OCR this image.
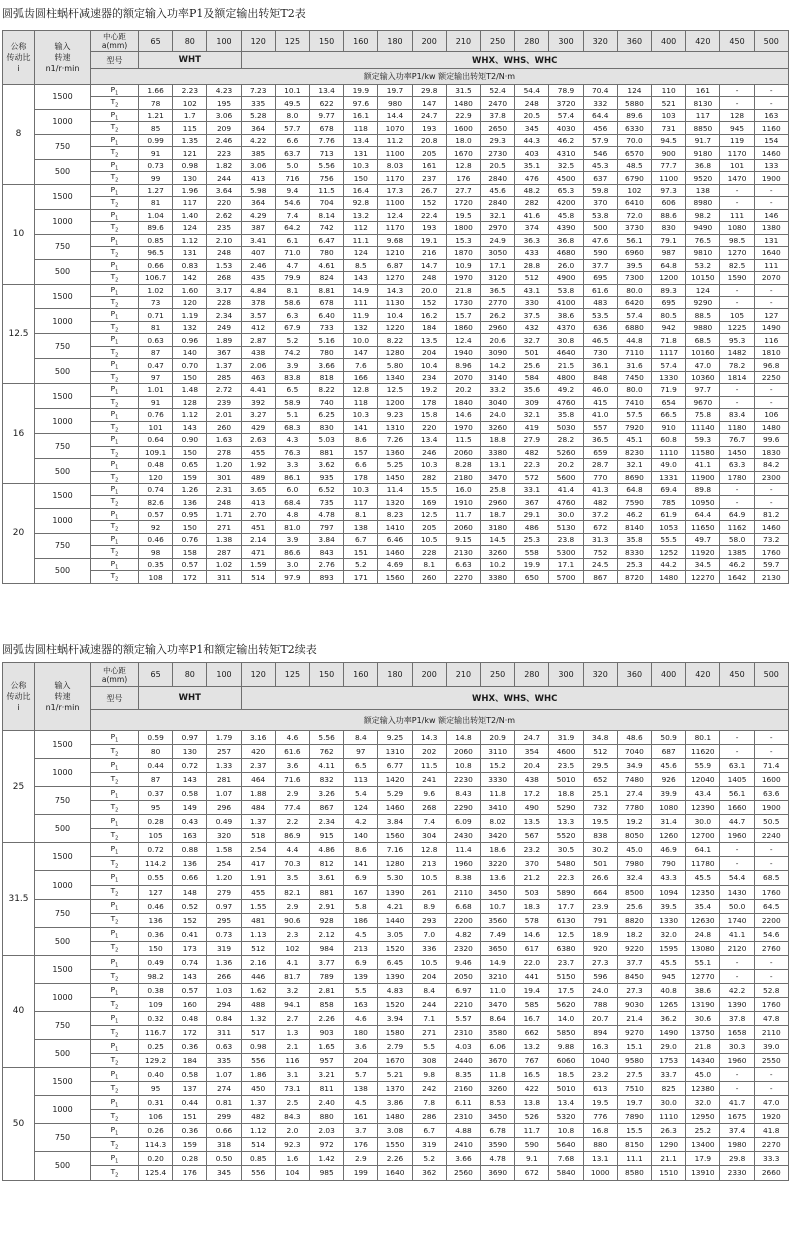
圆弧齿圆柱蜗杆减速器的额定输入功率P1及额定输出转矩T2表
公称
传动比
i	输入
转速
n1/r·min	中心距
a(mm)	65	80	100	120	125	150	160	180	200	210	250	280	300	320	360	400	420	450	500
		型号	WHT			WHX、WHS、WHC															
		额定输入功率P1/kw 额定输出转矩T2/N·m																			
8	1500	$P_1$	1.66	2.23	4.23	7.23	10.1	13.4	19.9	19.7	29.8	31.5	52.4	54.4	78.9	70.4	124	110	161	-	-
		$T_2$	78	102	195	335	49.5	622	97.6	980	147	1480	2470	248	3720	332	5880	521	8130	-	-
	1000	$P_1$	1.21	1.7	3.06	5.28	8.0	9.77	16.1	14.4	24.7	22.9	37.8	20.5	57.4	64.4	89.6	103	117	128	163
		$T_2$	85	115	209	364	57.7	678	118	1070	193	1600	2650	345	4030	456	6330	731	8850	945	1160
	750	$P_1$	0.99	1.35	2.46	4.22	6.6	7.76	13.4	11.2	20.8	18.0	29.3	44.3	46.2	57.9	70.0	94.5	91.7	119	154
		$T_2$	91	121	223	385	63.7	713	131	1100	205	1670	2730	403	4310	546	6570	900	9180	1170	1460
	500	$P_1$	0.73	0.98	1.82	3.06	5.0	5.56	10.3	8.03	161	12.8	20.5	35.1	32.5	45.3	48.5	77.7	36.8	101	133
		$T_2$	99	130	244	413	716	756	150	1170	237	176	2840	476	4500	637	6790	1100	9520	1470	1900
10	1500	$P_1$	1.27	1.96	3.64	5.98	9.4	11.5	16.4	17.3	26.7	27.7	45.6	48.2	65.3	59.8	102	97.3	138	-	-
		$T_2$	81	117	220	364	54.6	704	92.8	1100	152	1720	2840	282	4200	370	6410	606	8980	-	-
	1000	$P_1$	1.04	1.40	2.62	4.29	7.4	8.14	13.2	12.4	22.4	19.5	32.1	41.6	45.8	53.8	72.0	88.6	98.2	111	146
		$T_2$	89.6	124	235	387	64.2	742	112	1170	193	1800	2970	374	4390	500	3730	830	9490	1080	1380
	750	$P_1$	0.85	1.12	2.10	3.41	6.1	6.47	11.1	9.68	19.1	15.3	24.9	36.3	36.8	47.6	56.1	79.1	76.5	98.5	131
		$T_2$	96.5	131	248	407	71.0	780	124	1210	216	1870	3050	433	4680	590	6960	987	9810	1270	1640
	500	$P_1$	0.66	0.83	1.53	2.46	4.7	4.61	8.5	6.87	14.7	10.9	17.1	28.8	26.0	37.7	39.5	64.8	53.2	82.5	111
		$T_2$	106.7	142	268	435	79.9	824	143	1270	248	1970	3120	512	4900	695	7300	1200	10150	1590	2070
12.5	1500	$P_1$	1.02	1.60	3.17	4.84	8.1	8.81	14.9	14.3	20.0	21.8	36.5	43.1	53.8	61.6	80.0	89.3	124	-	-
		$T_2$	73	120	228	378	58.6	678	111	1130	152	1730	2770	330	4100	483	6420	695	9290	-	-
	1000	$P_1$	0.71	1.19	2.34	3.57	6.3	6.40	11.9	10.4	16.2	15.7	26.2	37.5	38.6	53.5	57.4	80.5	88.5	105	127
		$T_2$	81	132	249	412	67.9	733	132	1220	184	1860	2960	432	4370	636	6880	942	9880	1225	1490
	750	$P_1$	0.63	0.96	1.89	2.87	5.2	5.16	10.0	8.22	13.5	12.4	20.6	32.7	30.8	46.5	44.8	71.8	68.5	95.3	116
		$T_2$	87	140	367	438	74.2	780	147	1280	204	1940	3090	501	4640	730	7110	1117	10160	1482	1810
	500	$P_1$	0.47	0.70	1.37	2.06	3.9	3.66	7.6	5.80	10.4	8.96	14.2	25.6	21.5	36.1	31.6	57.4	47.0	78.2	96.8
		$T_2$	97	150	285	463	83.8	818	166	1340	234	2070	3140	584	4800	848	7450	1330	10360	1814	2250
16	1500	$P_1$	1.01	1.48	2.72	4.41	6.5	8.22	12.8	12.5	19.2	20.2	33.2	35.6	49.2	46.0	80.0	71.9	97.7	-	-
		$T_2$	91	128	239	392	58.9	740	118	1200	178	1840	3040	309	4760	415	7410	654	9670	-	-
	1000	$P_1$	0.76	1.12	2.01	3.27	5.1	6.25	10.3	9.23	15.8	14.6	24.0	32.1	35.8	41.0	57.5	66.5	75.8	83.4	106
		$T_2$	101	143	260	429	68.3	830	141	1310	220	1970	3260	419	5030	557	7920	910	11140	1180	1480
	750	$P_1$	0.64	0.90	1.63	2.63	4.3	5.03	8.6	7.26	13.4	11.5	18.8	27.9	28.2	36.5	45.1	60.8	59.3	76.7	99.6
		$T_2$	109.1	150	278	455	76.3	881	157	1360	246	2060	3380	482	5260	659	8230	1110	11580	1450	1830
	500	$P_1$	0.48	0.65	1.20	1.92	3.3	3.62	6.6	5.25	10.3	8.28	13.1	22.3	20.2	28.7	32.1	49.0	41.1	63.3	84.2
		$T_2$	120	159	301	489	86.1	935	178	1450	282	2180	3470	572	5600	770	8690	1331	11900	1780	2300
20	1500	$P_1$	0.74	1.26	2.31	3.65	6.0	6.52	10.3	11.4	15.5	16.0	25.8	33.1	41.4	41.3	64.8	69.4	89.8	-	-
		$T_2$	82.6	136	248	413	68.4	735	117	1320	169	1910	2960	367	4760	482	7590	785	10950	-	-
	1000	$P_1$	0.57	0.95	1.71	2.70	4.8	4.78	8.1	8.23	12.5	11.7	18.7	29.1	30.0	37.2	46.2	61.9	64.4	64.9	81.2
		$T_2$	92	150	271	451	81.0	797	138	1410	205	2060	3180	486	5130	672	8140	1053	11650	1162	1460
	750	$P_1$	0.46	0.76	1.38	2.14	3.9	3.84	6.7	6.46	10.5	9.15	14.5	25.3	23.8	31.3	35.8	55.5	49.7	58.0	73.2
		$T_2$	98	158	287	471	86.6	843	151	1460	228	2130	3260	558	5300	752	8330	1252	11920	1385	1760
	500	$P_1$	0.35	0.57	1.02	1.59	3.0	2.76	5.2	4.69	8.1	6.63	10.2	19.9	17.1	24.5	25.3	44.2	34.5	46.2	59.7
		$T_2$	108	172	311	514	97.9	893	171	1560	260	2270	3380	650	5700	867	8720	1480	12270	1642	2130
圆弧齿圆柱蜗杆减速器的额定输入功率P1和额定输出转矩T2续表
公称
传动比
i	输入
转速
n1/r·min	中心距
a(mm)	65	80	100	120	125	150	160	180	200	210	250	280	300	320	360	400	420	450	500
		型号	WHT			WHX、WHS、WHC															
		额定输入功率P1/kw 额定输出转矩T2/N·m																			
25	1500	$P_1$	0.59	0.97	1.79	3.16	4.6	5.56	8.4	9.25	14.3	14.8	20.9	24.7	31.9	34.8	48.6	50.9	80.1	-	-
		$T_2$	80	130	257	420	61.6	762	97	1310	202	2060	3110	354	4600	512	7040	687	11620	-	-
	1000	$P_1$	0.44	0.72	1.33	2.37	3.6	4.11	6.5	6.77	11.5	10.8	15.2	20.4	23.5	29.5	34.9	45.6	55.9	63.1	71.4
		$T_2$	87	143	281	464	71.6	832	113	1420	241	2230	3330	438	5010	652	7480	926	12040	1405	1600
	750	$P_1$	0.37	0.58	1.07	1.88	2.9	3.26	5.4	5.29	9.6	8.43	11.8	17.2	18.8	25.1	27.4	39.9	43.4	56.1	63.6
		$T_2$	95	149	296	484	77.4	867	124	1460	268	2290	3410	490	5290	732	7780	1080	12390	1660	1900
	500	$P_1$	0.28	0.43	0.49	1.37	2.2	2.34	4.2	3.84	7.4	6.09	8.02	13.5	13.3	19.5	19.2	31.4	30.0	44.7	50.5
		$T_2$	105	163	320	518	86.9	915	140	1560	304	2430	3420	567	5520	838	8050	1260	12700	1960	2240
31.5	1500	$P_1$	0.72	0.88	1.58	2.54	4.4	4.86	8.6	7.16	12.8	11.4	18.6	23.2	30.5	30.2	45.0	46.9	64.1	-	-
		$T_2$	114.2	136	254	417	70.3	812	141	1280	213	1960	3220	370	5480	501	7980	790	11780	-	-
	1000	$P_1$	0.55	0.66	1.20	1.91	3.5	3.61	6.9	5.30	10.5	8.38	13.6	21.2	22.3	26.6	32.4	43.3	45.5	54.4	68.5
		$T_2$	127	148	279	455	82.1	881	167	1390	261	2110	3450	503	5890	664	8500	1094	12350	1430	1760
	750	$P_1$	0.46	0.52	0.97	1.55	2.9	2.91	5.8	4.21	8.9	6.68	10.7	18.3	17.7	23.9	25.6	39.5	35.4	50.0	64.5
		$T_2$	136	152	295	481	90.6	928	186	1440	293	2200	3560	578	6130	791	8820	1330	12630	1740	2200
	500	$P_1$	0.36	0.41	0.73	1.13	2.3	2.12	4.5	3.05	7.0	4.82	7.49	14.6	12.5	18.9	18.2	32.0	24.8	41.1	54.6
		$T_2$	150	173	319	512	102	984	213	1520	336	2320	3650	617	6380	920	9220	1595	13080	2120	2760
40	1500	$P_1$	0.49	0.74	1.36	2.16	4.1	3.77	6.9	6.45	10.5	9.46	14.9	22.0	23.7	27.3	37.7	45.5	55.1	-	-
		$T_2$	98.2	143	266	446	81.7	789	139	1390	204	2050	3210	441	5150	596	8450	945	12770	-	-
	1000	$P_1$	0.38	0.57	1.03	1.62	3.2	2.81	5.5	4.83	8.4	6.97	11.0	19.4	17.5	24.0	27.3	40.8	38.6	42.2	52.8
		$T_2$	109	160	294	488	94.1	858	163	1520	244	2210	3470	585	5620	788	9030	1265	13190	1390	1760
	750	$P_1$	0.32	0.48	0.84	1.32	2.7	2.26	4.6	3.94	7.1	5.57	8.64	16.7	14.0	20.7	21.4	36.2	30.6	37.8	47.8
		$T_2$	116.7	172	311	517	1.3	903	180	1580	271	2310	3580	662	5850	894	9270	1490	13750	1658	2110
	500	$P_1$	0.25	0.36	0.63	0.98	2.1	1.65	3.6	2.79	5.5	4.03	6.06	13.2	9.88	16.3	15.1	29.0	21.8	30.3	39.0
		$T_2$	129.2	184	335	556	116	957	204	1670	308	2440	3670	767	6060	1040	9580	1753	14340	1960	2550
50	1500	$P_1$	0.40	0.58	1.07	1.86	3.1	3.21	5.7	5.21	9.8	8.35	11.8	16.5	18.5	23.2	27.5	33.7	45.0	-	-
		$T_2$	95	137	274	450	73.1	811	138	1370	242	2160	3260	422	5010	613	7510	825	12380	-	-
	1000	$P_1$	0.31	0.44	0.81	1.37	2.5	2.40	4.5	3.86	7.8	6.11	8.53	13.8	13.4	19.5	19.7	30.0	32.0	41.7	47.0
		$T_2$	106	151	299	482	84.3	880	161	1480	286	2310	3450	526	5320	776	7890	1110	12950	1675	1920
	750	$P_1$	0.26	0.36	0.66	1.12	2.0	2.03	3.7	3.08	6.7	4.88	6.78	11.7	10.8	16.8	15.5	26.3	25.2	37.4	41.8
		$T_2$	114.3	159	318	514	92.3	972	176	1550	319	2410	3590	590	5640	880	8150	1290	13400	1980	2270
	500	$P_1$	0.20	0.28	0.50	0.85	1.6	1.42	2.9	2.26	5.2	3.66	4.78	9.1	7.68	13.1	11.1	21.1	17.9	29.8	33.3
		$T_2$	125.4	176	345	556	104	985	199	1640	362	2560	3690	672	5840	1000	8580	1510	13910	2330	2660
